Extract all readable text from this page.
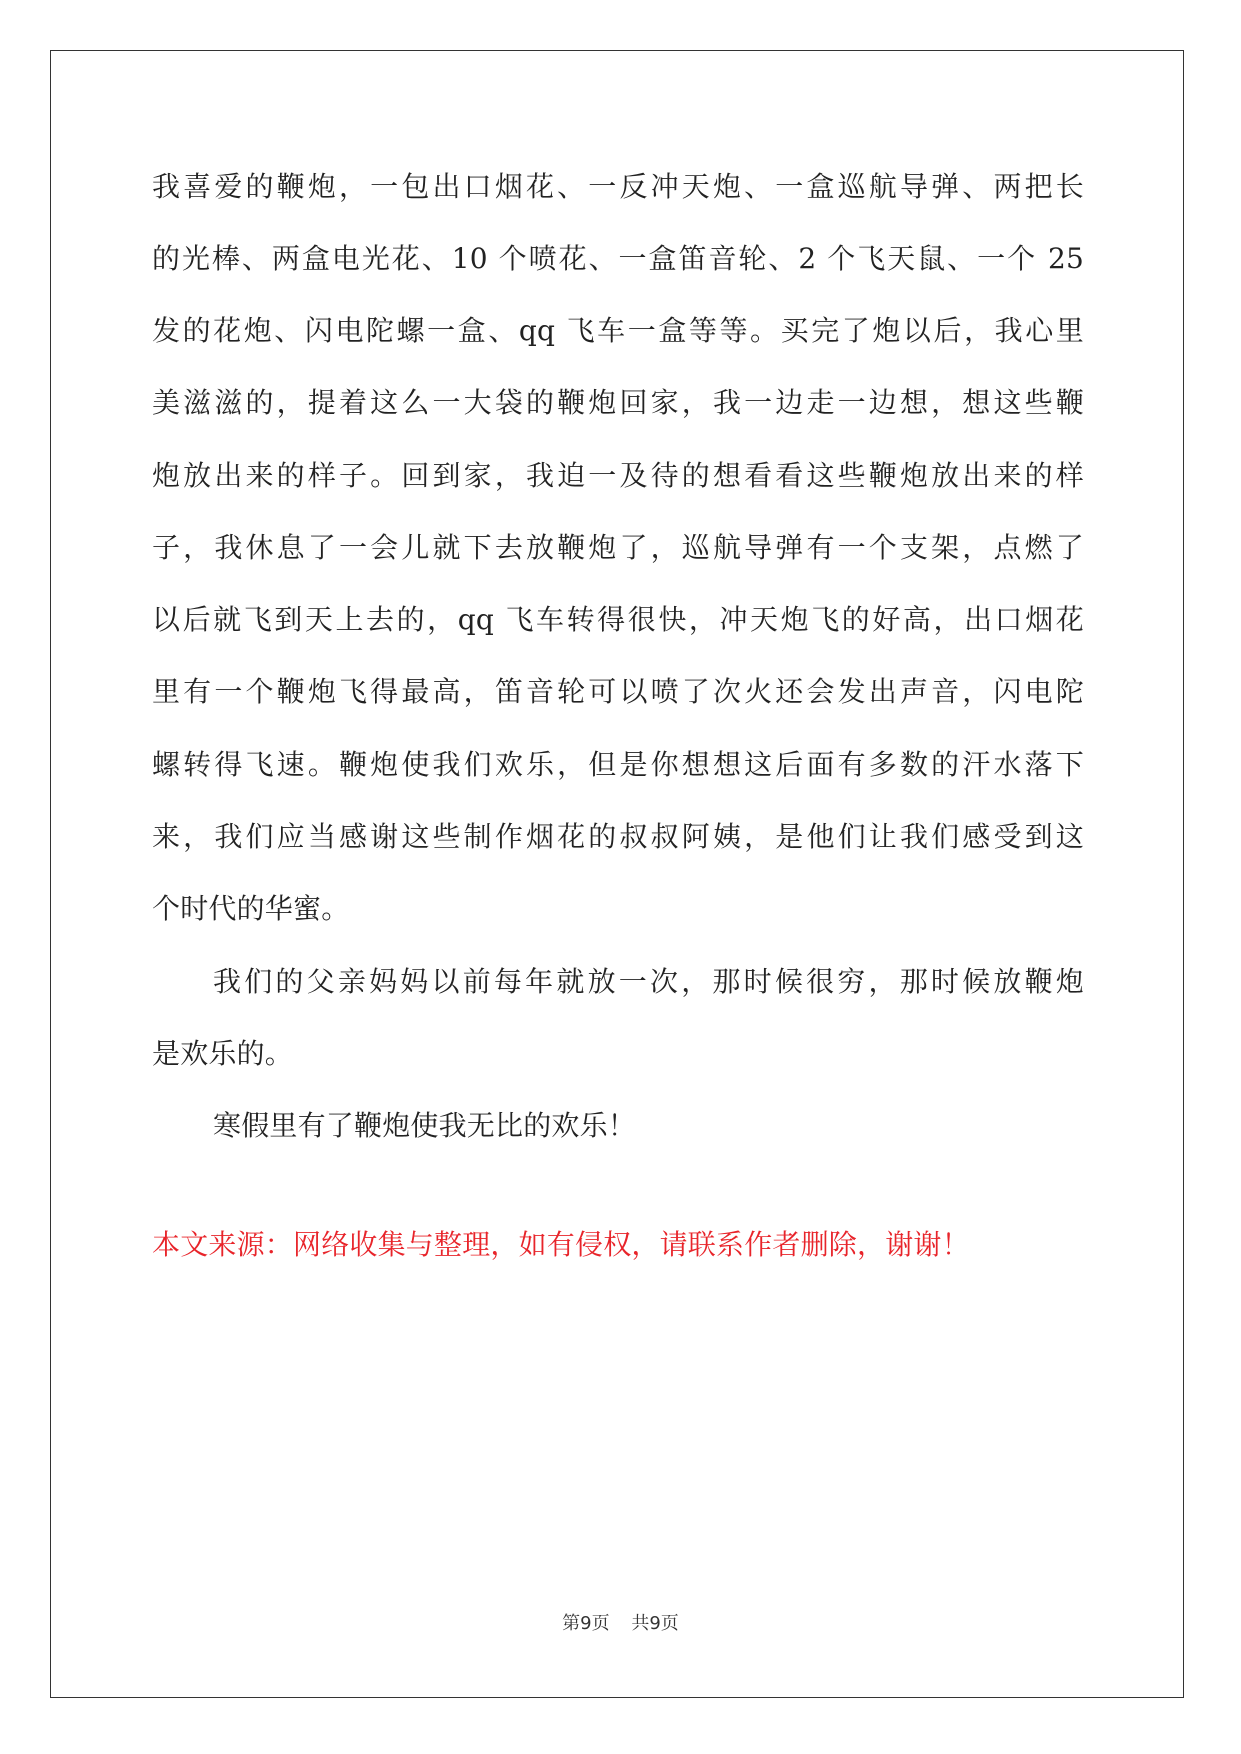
我喜爱的鞭炮，一包出口烟花、一反冲天炮、一盒巡航导弹、两把长
的光棒、两盒电光花、10 个喷花、一盒笛音轮、2 个飞天鼠、一个 25
发的花炮、闪电陀螺一盒、qq 飞车一盒等等。买完了炮以后，我心里
美滋滋的，提着这么一大袋的鞭炮回家，我一边走一边想，想这些鞭
炮放出来的样子。回到家，我迫一及待的想看看这些鞭炮放出来的样
子，我休息了一会儿就下去放鞭炮了，巡航导弹有一个支架，点燃了
以后就飞到天上去的，qq 飞车转得很快，冲天炮飞的好高，出口烟花
里有一个鞭炮飞得最高，笛音轮可以喷了次火还会发出声音，闪电陀
螺转得飞速。鞭炮使我们欢乐，但是你想想这后面有多数的汗水落下
来，我们应当感谢这些制作烟花的叔叔阿姨，是他们让我们感受到这
个时代的华蜜。
我们的父亲妈妈以前每年就放一次，那时候很穷，那时候放鞭炮
是欢乐的。
寒假里有了鞭炮使我无比的欢乐！
本文来源：网络收集与整理，如有侵权，请联系作者删除，谢谢！
第9页 共9页
